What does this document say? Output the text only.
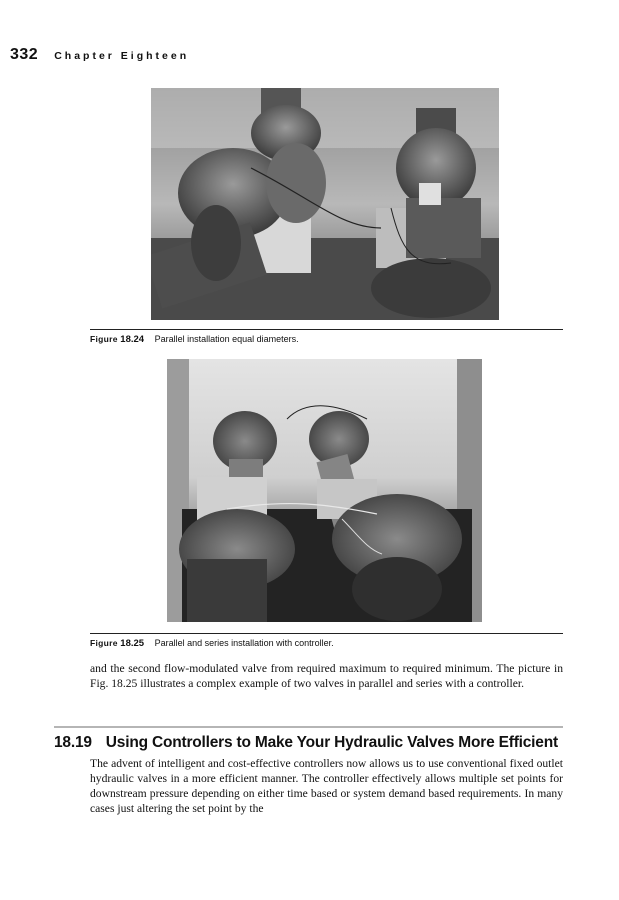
332 Chapter Eighteen
Figure 18.24 Parallel installation equal diameters.
Figure 18.25 Parallel and series installation with controller.

and the second flow-modulated valve from required maximum to required minimum. The picture in Fig. 18.25 illustrates a complex example of two valves in parallel and series with a controller.

18.19 Using Controllers to Make Your Hydraulic Valves More Efficient

The advent of intelligent and cost-effective controllers now allows us to use conventional fixed outlet hydraulic valves in a more efficient manner. The controller effectively allows multiple set points for downstream pressure depending on either time based or system demand based requirements. In many cases just altering the set point by the
